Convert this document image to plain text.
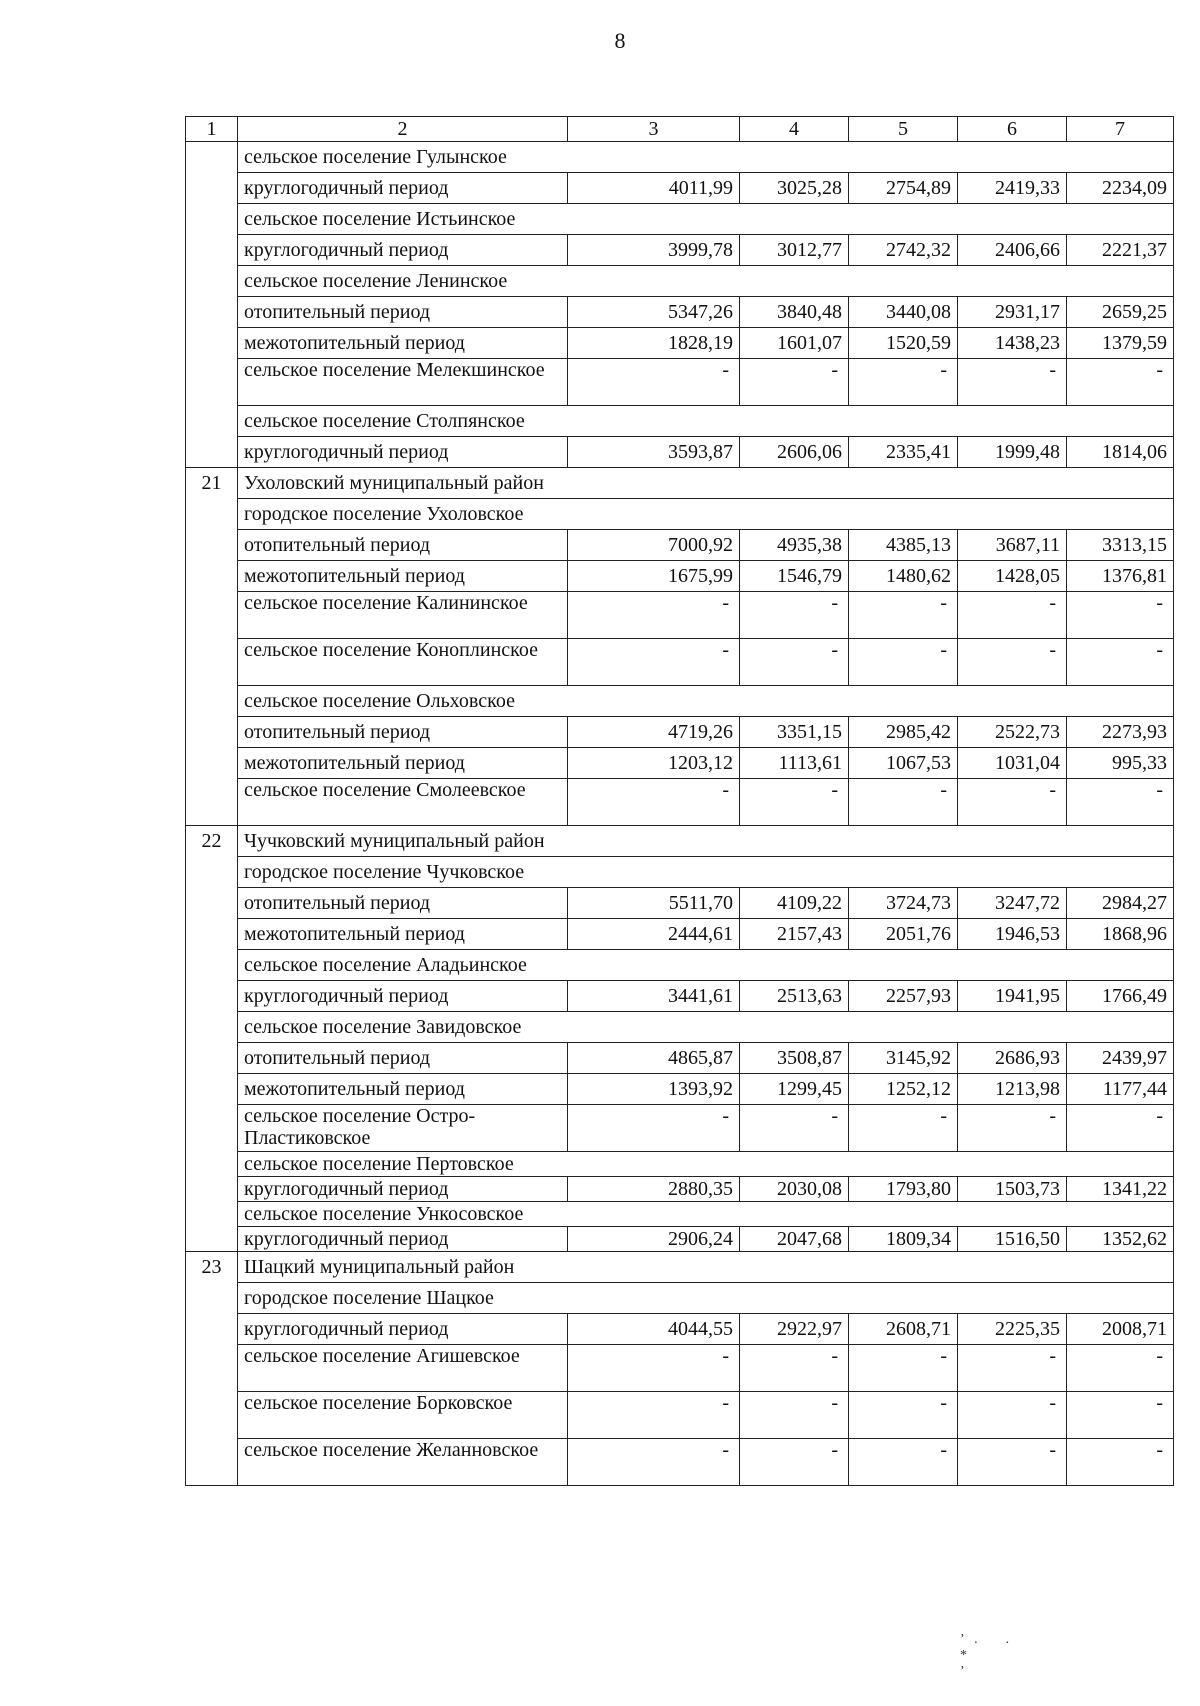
8
1	2	3	4	5	6	7
	сельское поселение Гулынское					
	круглогодичный период	4011,99	3025,28	2754,89	2419,33	2234,09
	сельское поселение Истьинское					
	круглогодичный период	3999,78	3012,77	2742,32	2406,66	2221,37
	сельское поселение Ленинское					
	отопительный период	5347,26	3840,48	3440,08	2931,17	2659,25
	межотопительный период	1828,19	1601,07	1520,59	1438,23	1379,59
	сельское поселение Мелекшинское	-	-	-	-	-
	сельское поселение Столпянское					
	круглогодичный период	3593,87	2606,06	2335,41	1999,48	1814,06
21	Ухоловский муниципальный район					
	городское поселение Ухоловское					
	отопительный период	7000,92	4935,38	4385,13	3687,11	3313,15
	межотопительный период	1675,99	1546,79	1480,62	1428,05	1376,81
	сельское поселение Калининское	-	-	-	-	-
	сельское поселение Коноплинское	-	-	-	-	-
	сельское поселение Ольховское					
	отопительный период	4719,26	3351,15	2985,42	2522,73	2273,93
	межотопительный период	1203,12	1113,61	1067,53	1031,04	995,33
	сельское поселение Смолеевское	-	-	-	-	-
22	Чучковский муниципальный район					
	городское поселение Чучковское					
	отопительный период	5511,70	4109,22	3724,73	3247,72	2984,27
	межотопительный период	2444,61	2157,43	2051,76	1946,53	1868,96
	сельское поселение Аладьинское					
	круглогодичный период	3441,61	2513,63	2257,93	1941,95	1766,49
	сельское поселение Завидовское					
	отопительный период	4865,87	3508,87	3145,92	2686,93	2439,97
	межотопительный период	1393,92	1299,45	1252,12	1213,98	1177,44
	сельское поселение Остро-Пластиковское	-	-	-	-	-
	сельское поселение Пертовское					
	круглогодичный период	2880,35	2030,08	1793,80	1503,73	1341,22
	сельское поселение Ункосовское					
	круглогодичный период	2906,24	2047,68	1809,34	1516,50	1352,62
23	Шацкий муниципальный район					
	городское поселение Шацкое					
	круглогодичный период	4044,55	2922,97	2608,71	2225,35	2008,71
	сельское поселение Агишевское	-	-	-	-	-
	сельское поселение Борковское	-	-	-	-	-
	сельское поселение Желанновское	-	-	-	-	-
’   .        .
*
’
